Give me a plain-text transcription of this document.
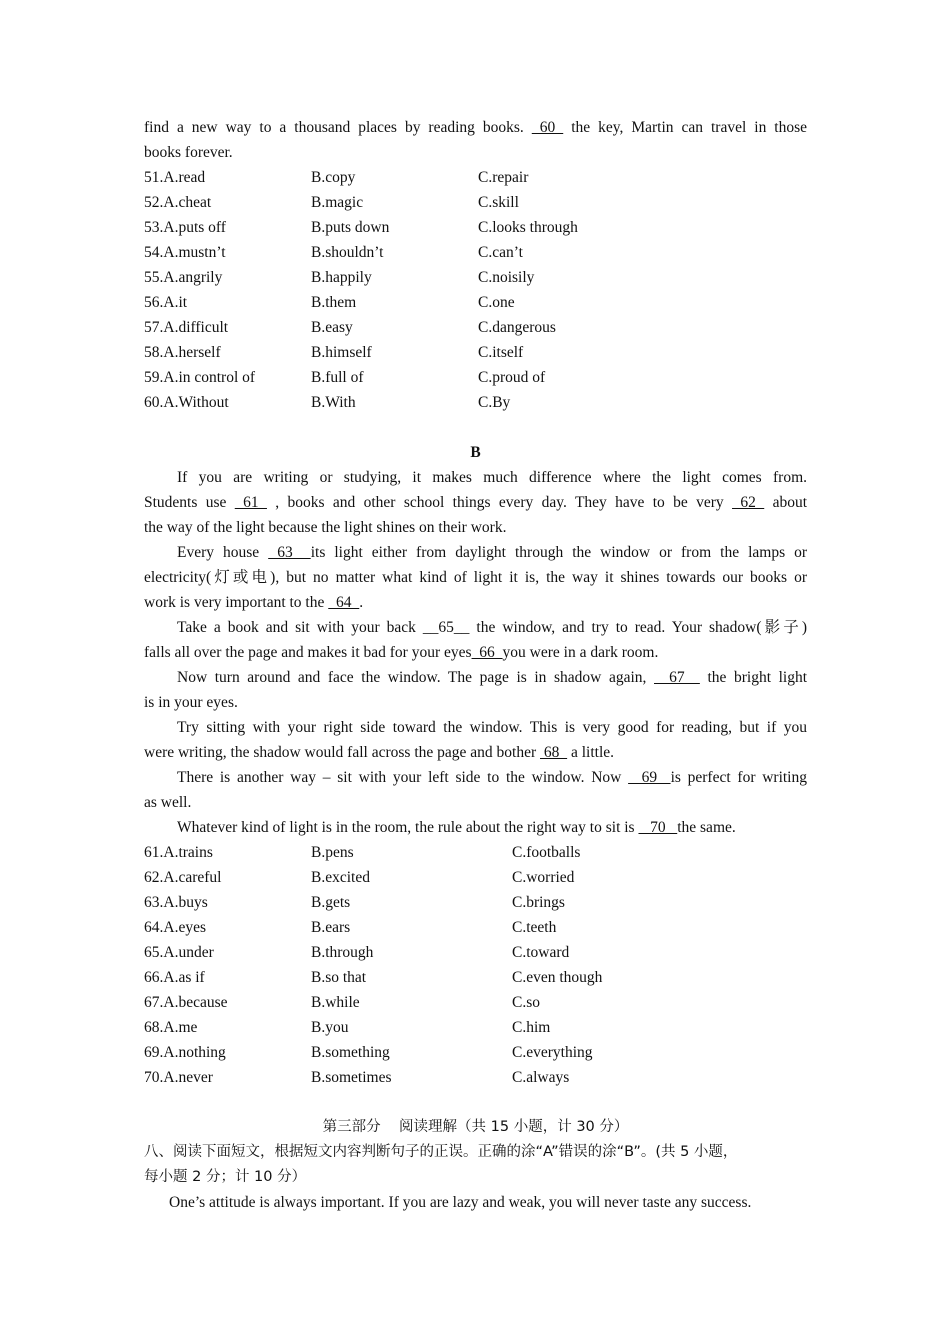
find a new way to a thousand places by reading books.  60  the key, Martin can travel in those
books forever.
51.A.read	B.copy	C.repair
52.A.cheat	B.magic	C.skill
53.A.puts off	B.puts down	C.looks through
54.A.mustn’t	B.shouldn’t	C.can’t
55.A.angrily	B.happily	C.noisily
56.A.it	B.them	C.one
57.A.difficult	B.easy	C.dangerous
58.A.herself	B.himself	C.itself
59.A.in control of	B.full of	C.proud of
60.A.Without	B.With	C.By
B
If you are writing or studying, it makes much difference where the light comes from.
Students use  61  , books and other school things every day. They have to be very  62  about
the way of the light because the light shines on their work.
Every house  63  its light either from daylight through the window or from the lamps or
electricity(灯或电), but no matter what kind of light it is, the way it shines towards our books or
work is very important to the   64  .
Take a book and sit with your back __65__ the window, and try to read. Your shadow(影子)
falls all over the page and makes it bad for your eyes  66  you were in a dark room.
Now turn around and face the window. The page is in shadow again,   67   the bright light
is in your eyes.
Try sitting with your right side toward the window. This is very good for reading, but if you
were writing, the shadow would fall across the page and bother  68   a little.
There is another way – sit with your left side to the window. Now   69  is perfect for writing
as well.
Whatever kind of light is in the room, the rule about the right way to sit is    70   the same.
61.A.trains	B.pens	C.footballs
62.A.careful	B.excited	C.worried
63.A.buys	B.gets	C.brings
64.A.eyes	B.ears	C.teeth
65.A.under	B.through	C.toward
66.A.as if	B.so that	C.even though
67.A.because	B.while	C.so
68.A.me	B.you	C.him
69.A.nothing	B.something	C.everything
70.A.never	B.sometimes	C.always
第三部分    阅读理解（共 15 小题，计 30 分）
八、阅读下面短文，根据短文内容判断句子的正误。正确的涂“A”错误的涂“B”。(共 5 小题，
每小题 2 分；计 10 分）
One’s attitude is always important. If you are lazy and weak, you will never taste any success.
